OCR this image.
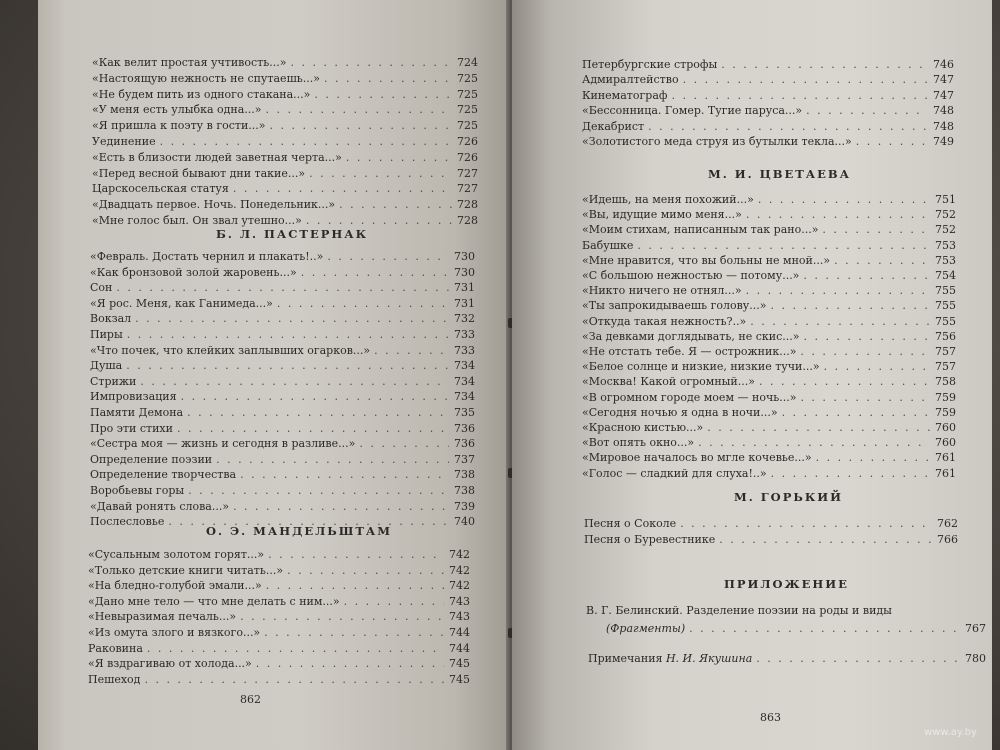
Б. Л. ПАСТЕРНАК
О. Э. МАНДЕЛЬШТАМ
862
«Как велит простая учтивость...» . . .	724
«Настоящую нежность не спутаешь...» . . .	725
«Не будем пить из одного стакана...» . . .	725
«У меня есть улыбка одна...» . . .	725
«Я пришла к поэту в гости...» . . .	725
Уединение . . .	726
«Есть в близости людей заветная черта...» . . .	726
«Перед весной бывают дни такие...» . . .	727
Царскосельская статуя . . .	727
«Двадцать первое. Ночь. Понедельник...» . . .	728
«Мне голос был. Он звал утешно...» . . .	728
«Февраль. Достать чернил и плакать!..» . . .	730
«Как бронзовой золой жаровень...» . . .	730
Сон . . .	731
«Я рос. Меня, как Ганимеда...» . . .	731
Вокзал . . .	732
Пиры . . .	733
«Что почек, что клейких заплывших огарков...» . . .	733
Душа . . .	734
Стрижи . . .	734
Импровизация . . .	734
Памяти Демона . . .	735
Про эти стихи . . .	736
«Сестра моя — жизнь и сегодня в разливе...» . . .	736
Определение поэзии . . .	737
Определение творчества . . .	738
Воробьевы горы . . .	738
«Давай ронять слова...» . . .	739
Послесловье . . .	740
«Сусальным золотом горят...» . . .	742
«Только детские книги читать...» . . .	742
«На бледно-голубой эмали...» . . .	742
«Дано мне тело — что мне делать с ним...» . . .	743
«Невыразимая печаль...» . . .	743
«Из омута злого и вязкого...» . . .	744
Раковина . . .	744
«Я вздрагиваю от холода...» . . .	745
Пешеход . . .	745
М. И. ЦВЕТАЕВА
М. ГОРЬКИЙ
ПРИЛОЖЕНИЕ
В. Г. Белинский. Разделение поэзии на роды и виды
(Фрагменты) . . .	767
Примечания Н. И. Якушина . . .	780
863
www.ay.by
Петербургские строфы . . .	746
Адмиралтейство . . .	747
Кинематограф . . .	747
«Бессонница. Гомер. Тугие паруса...» . . .	748
Декабрист . . .	748
«Золотистого меда струя из бутылки текла...» . . .	749
«Идешь, на меня похожий...» . . .	751
«Вы, идущие мимо меня...» . . .	752
«Моим стихам, написанным так рано...» . . .	752
Бабушке . . .	753
«Мне нравится, что вы больны не мной...» . . .	753
«С большою нежностью — потому...» . . .	754
«Никто ничего не отнял...» . . .	755
«Ты запрокидываешь голову...» . . .	755
«Откуда такая нежность?..» . . .	755
«За девками доглядывать, не скис...» . . .	756
«Не отстать тебе. Я — острожник...» . . .	757
«Белое солнце и низкие, низкие тучи...» . . .	757
«Москва! Какой огромный...» . . .	758
«В огромном городе моем — ночь...» . . .	759
«Сегодня ночью я одна в ночи...» . . .	759
«Красною кистью...» . . .	760
«Вот опять окно...» . . .	760
«Мировое началось во мгле кочевье...» . . .	761
«Голос — сладкий для слуха!..» . . .	761
Песня о Соколе . . .	762
Песня о Буревестнике . . .	766
